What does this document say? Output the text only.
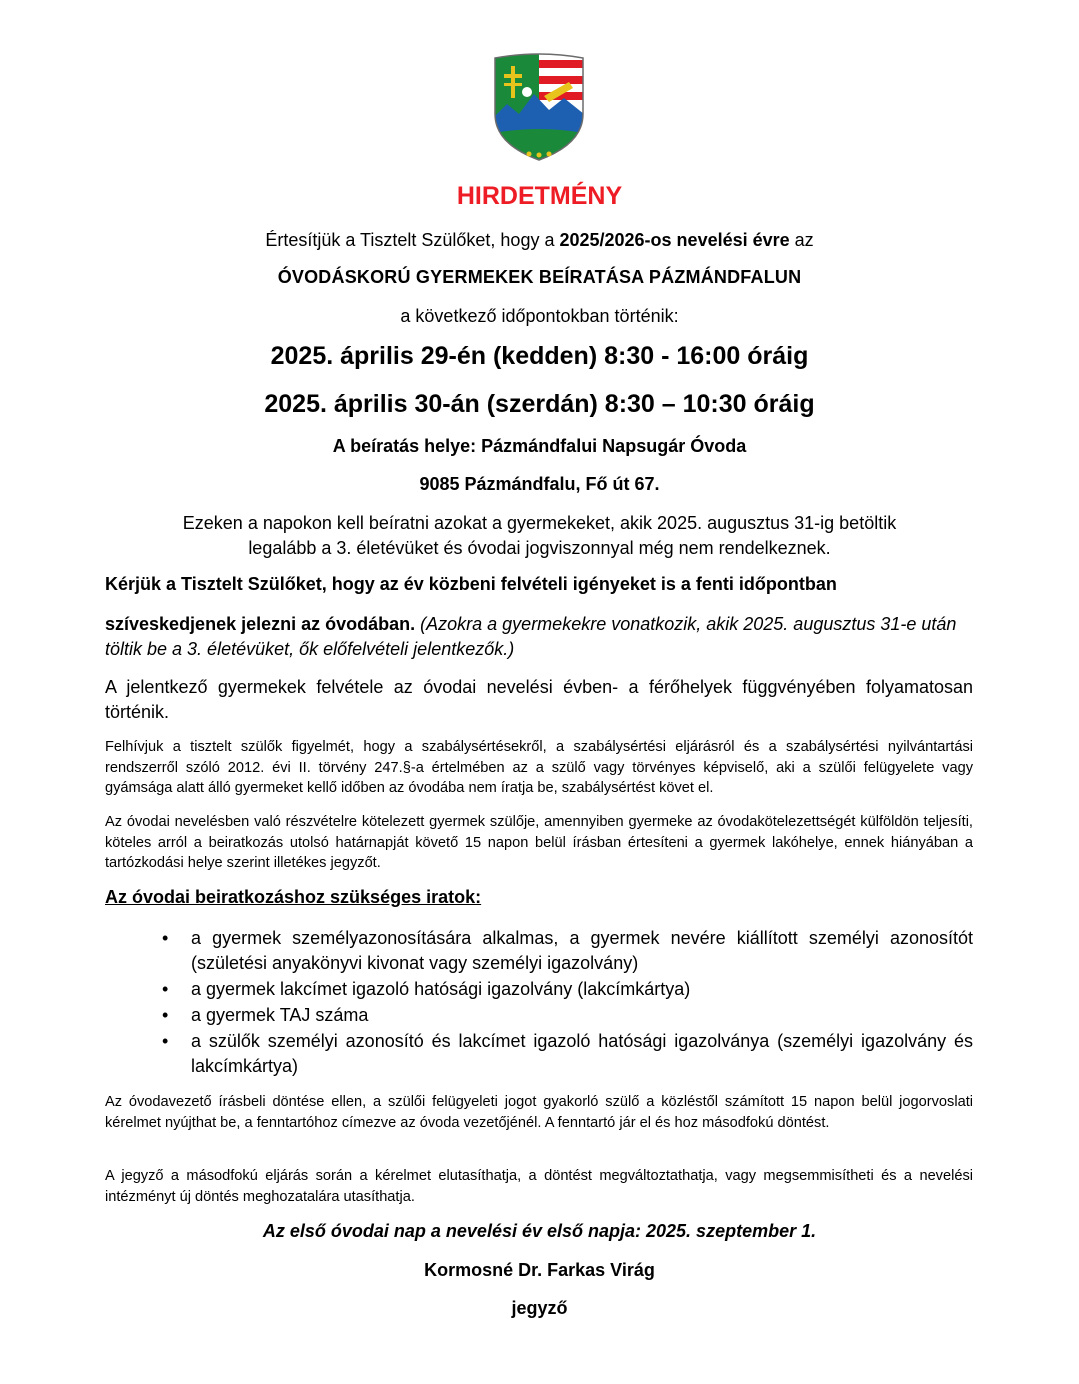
HIRDETMÉNY

Értesítjük a Tisztelt Szülőket, hogy a 2025/2026-os nevelési évre az

ÓVODÁSKORÚ GYERMEKEK BEÍRATÁSA PÁZMÁNDFALUN

a következő időpontokban történik:

2025. április 29-én (kedden) 8:30 - 16:00 óráig

2025. április 30-án (szerdán) 8:30 – 10:30 óráig

A beíratás helye: Pázmándfalui Napsugár Óvoda

9085 Pázmándfalu, Fő út 67.

Ezeken a napokon kell beíratni azokat a gyermekeket, akik 2025. augusztus 31-ig betöltik
legalább a 3. életévüket és óvodai jogviszonnyal még nem rendelkeznek.

Kérjük a Tisztelt Szülőket, hogy az év közbeni felvételi igényeket is a fenti időpontban

szíveskedjenek jelezni az óvodában. (Azokra a gyermekekre vonatkozik, akik 2025. augusztus 31-e után töltik be a 3. életévüket, ők előfelvételi jelentkezők.)

A jelentkező gyermekek felvétele az óvodai nevelési évben- a férőhelyek függvényében folyamatosan történik.

Felhívjuk a tisztelt szülők figyelmét, hogy a szabálysértésekről, a szabálysértési eljárásról és a szabálysértési nyilvántartási rendszerről szóló 2012. évi II. törvény 247.§-a értelmében az a szülő vagy törvényes képviselő, aki a szülői felügyelete vagy gyámsága alatt álló gyermeket kellő időben az óvodába nem íratja be, szabálysértést követ el.

Az óvodai nevelésben való részvételre kötelezett gyermek szülője, amennyiben gyermeke az óvodakötelezettségét külföldön teljesíti, köteles arról a beiratkozás utolsó határnapját követő 15 napon belül írásban értesíteni a gyermek lakóhelye, ennek hiányában a tartózkodási helye szerint illetékes jegyzőt.

Az óvodai beiratkozáshoz szükséges iratok:

• a gyermek személyazonosítására alkalmas, a gyermek nevére kiállított személyi azonosítót (születési anyakönyvi kivonat vagy személyi igazolvány)
• a gyermek lakcímet igazoló hatósági igazolvány (lakcímkártya)
• a gyermek TAJ száma
• a szülők személyi azonosító és lakcímet igazoló hatósági igazolványa (személyi igazolvány és lakcímkártya)

Az óvodavezető írásbeli döntése ellen, a szülői felügyeleti jogot gyakorló szülő a közléstől számított 15 napon belül jogorvoslati kérelmet nyújthat be, a fenntartóhoz címezve az óvoda vezetőjénél. A fenntartó jár el és hoz másodfokú döntést.

A jegyző a másodfokú eljárás során a kérelmet elutasíthatja, a döntést megváltoztathatja, vagy megsemmisítheti és a nevelési intézményt új döntés meghozatalára utasíthatja.

Az első óvodai nap a nevelési év első napja: 2025. szeptember 1.

Kormosné Dr. Farkas Virág

jegyző
